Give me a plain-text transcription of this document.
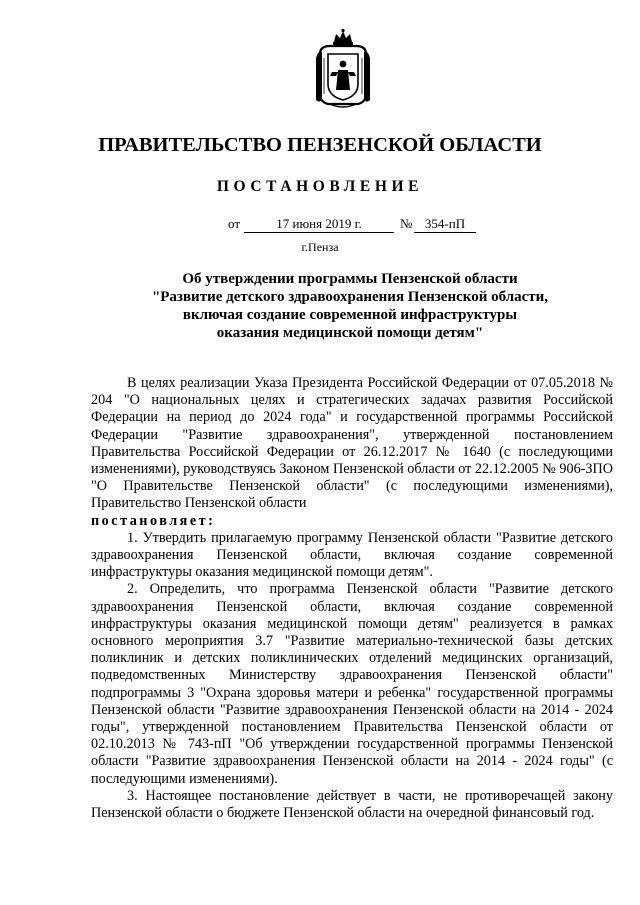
ПРАВИТЕЛЬСТВО ПЕНЗЕНСКОЙ ОБЛАСТИ
ПОСТАНОВЛЕНИЕ
от	17 июня 2019 г.	№ 354-пП
г.Пенза
Об утверждении программы Пензенской области
"Развитие детского здравоохранения Пензенской области,
включая создание современной инфраструктуры
оказания медицинской помощи детям"

В целях реализации Указа Президента Российской Федерации от 07.05.2018 № 204 "О национальных целях и стратегических задачах развития Российской Федерации на период до 2024 года" и государственной программы Российской Федерации "Развитие здравоохранения", утвержденной постановлением Правительства Российской Федерации от 26.12.2017 № 1640 (с последующими изменениями), руководствуясь Законом Пензенской области от 22.12.2005 № 906-ЗПО "О Правительстве Пензенской области" (с последующими изменениями), Правительство Пензенской области
постановляет:

1. Утвердить прилагаемую программу Пензенской области "Развитие детского здравоохранения Пензенской области, включая создание современной инфраструктуры оказания медицинской помощи детям".

2. Определить, что программа Пензенской области "Развитие детского здравоохранения Пензенской области, включая создание современной инфраструктуры оказания медицинской помощи детям" реализуется в рамках основного мероприятия 3.7 "Развитие материально-технической базы детских поликлиник и детских поликлинических отделений медицинских организаций, подведомственных Министерству здравоохранения Пензенской области" подпрограммы 3 "Охрана здоровья матери и ребенка" государственной программы Пензенской области "Развитие здравоохранения Пензенской области на 2014 - 2024 годы", утвержденной постановлением Правительства Пензенской области от 02.10.2013 № 743-пП "Об утверждении государственной программы Пензенской области "Развитие здравоохранения Пензенской области на 2014 - 2024 годы" (с последующими изменениями).

3. Настоящее постановление действует в части, не противоречащей закону Пензенской области о бюджете Пензенской области на очередной финансовый год.
